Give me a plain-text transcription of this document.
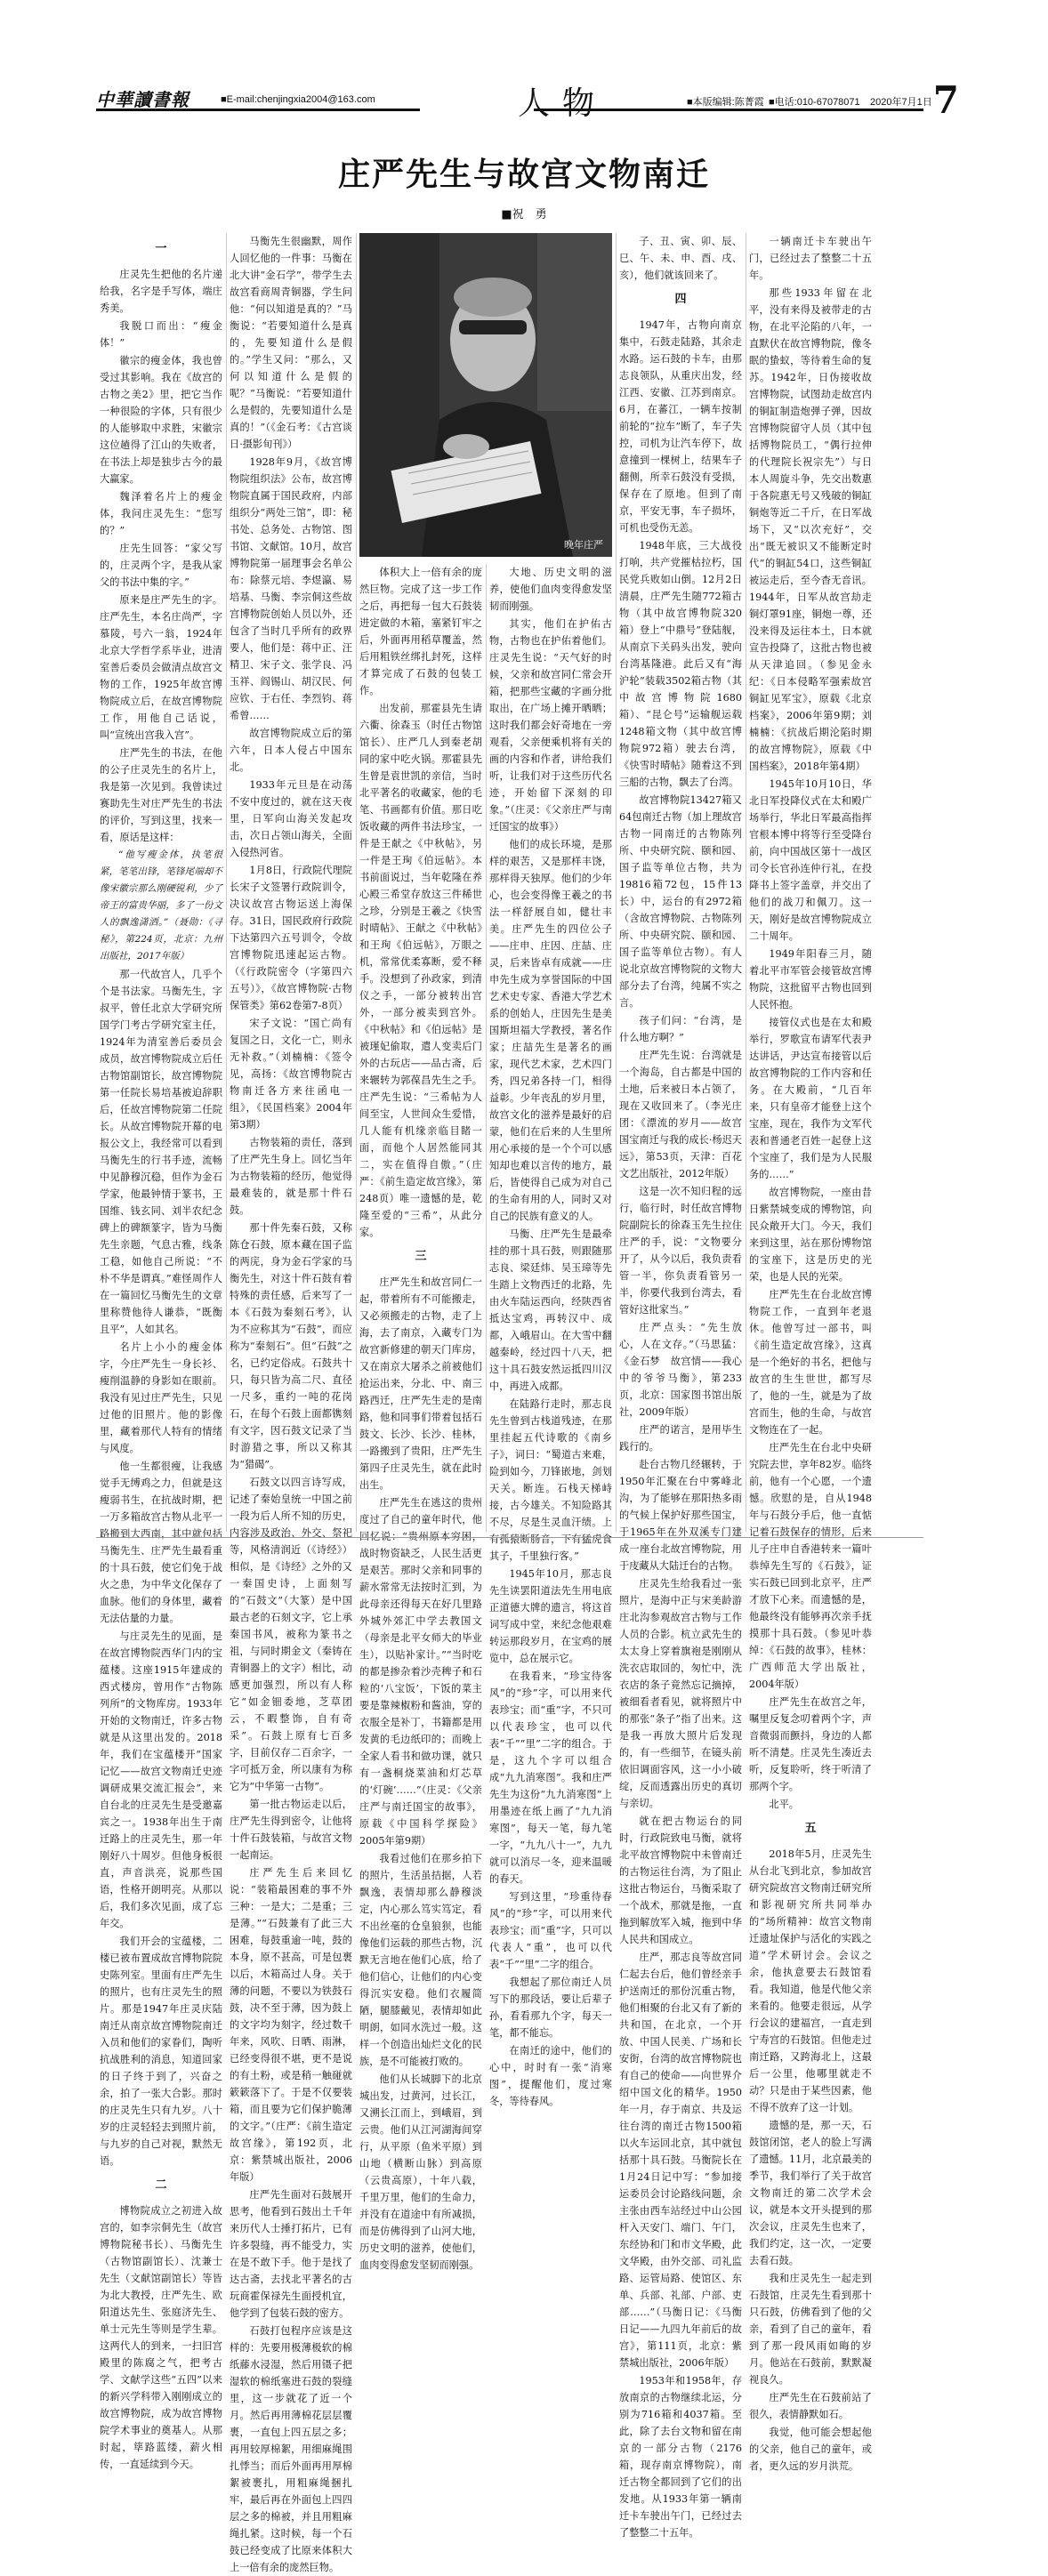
中華讀書報	■E-mail:chenjingxia2004@163.com	人物	■本版编辑:陈菁霞 ■电话:010-67078071 2020年7月1日 7
庄严先生与故宫文物南迁
■祝　勇
晚年庄严
一

庄灵先生把他的名片递给我，名字是手写体，端庄秀美。

我脱口而出：“瘦金体！”

徽宗的瘦金体，我也曾受过其影响。我在《故宫的古物之美2》里，把它当作一种很险的字体，只有很少的人能够取中求胜，宋徽宗这位趟得了江山的失败者，在书法上却是独步古今的最大赢家。

魏泽着名片上的瘦金体，我问庄灵先生：“您写的？”

庄先生回答：“家父写的，庄灵两个字，是我从家父的书法中集的字。”

原来是庄严先生的字。庄严先生，本名庄尚严，字慕陵，号六一翁，1924年北京大学哲学系毕业，进清室善后委员会做清点故宫文物的工作，1925年故宫博物院成立后，在故宫博物院工作，用他自己话说，叫“宣统出宫我入宫”。

庄严先生的书法，在他的公子庄灵先生的名片上，我是第一次见到。我曾读过赛助先生对庄严先生的书法的评价，写到这里，找来一看，原话是这样：

“他写瘦金体，执笔很紧，笔笔出锋，笔锋尾端却不像宋徽宗那么刚硬锐利，少了帝王的富贵华丽，多了一份文人的飘逸潇洒。”（聂勋：《寻秘》，第224页，北京：九州出版社，2017年版）

那一代故宫人，几乎个个是书法家。马衡先生，字叔平，曾任北京大学研究所国学门考古学研究室主任，1924年为清室善后委员会成员，故宫博物院成立后任古物馆副馆长，故宫博物院第一任院长易培基被迫辞职后，任故宫博物院第二任院长。从故宫博物院开幕的电报公文上，我经常可以看到马衡先生的行书手迹，流畅中见静穆沉稳，但作为金石学家，他最钟情于篆书，王国维、钱玄同、刘半农纪念碑上的碑额篆字，皆为马衡先生亲题，气息古雅，线条工稳，如他自己所说：“不朴不华是谓真。”难怪周作人在一篇回忆马衡先生的文章里称赞他待人谦恭，“既衡且平”，人如其名。

名片上小小的瘦金体字，今庄严先生一身长衫、瘦削温静的身影如在眼前。我没有见过庄严先生，只见过他的旧照片。他的影像里，藏着那代人特有的情绪与风度。

他一生都很瘦，让我感觉手无缚鸡之力，但就是这瘦弱书生，在抗战时期，把一万多箱故宫古物从北平一路搬到大西南，其中就包括马衡先生、庄严先生最看重的十具石鼓，使它们免于战火之患，为中华文化保存了血脉。他们的身体里，藏着无法估量的力量。

与庄灵先生的见面，是在故宫博物院西华门内的宝蕴楼。这座1915年建成的西式楼房，曾用作“古物陈列所”的文物库房。1933年开始的文物南迁，许多古物就是从这里出发的。2018年，我们在宝蕴楼开“国家记忆——故宫文物南迁史迹调研成果交流汇报会”，来自台北的庄灵先生是受邀嘉宾之一。1938年出生于南迁路上的庄灵先生，那一年刚好八十周岁。但他身板很直，声音洪亮，说那些国语，性格开朗明亮。从那以后，我们多次见面，成了忘年交。

我们开会的宝蕴楼，二楼已被布置成故宫博物院院史陈列室。里面有庄严先生的照片，也有庄灵先生的照片。那是1947年庄灵庆陆南迁从南京故宫博物院南迁入员和他们的家眷们，陶听抗战胜利的消息，知道回家的日子终于到了，兴奋之余，拍了一张大合影。那时的庄灵先生只有九岁。八十岁的庄灵轻轻去到照片前，与九岁的自己对视，默然无语。

二

博物院成立之初进入故宫的，如李宗侗先生（故宫博物院秘书长）、马衡先生（古物馆副馆长）、沈兼士先生（文献馆副馆长）等皆为北大教授，庄严先生、欧阳道达先生、张庭济先生、单士元先生等则是学生辈。这两代人的到来，一扫旧宫殿里的陈腐之气，把考古学、文献学这些“五四”以来的新兴学科带入刚刚成立的故宫博物院，成为故宫博物院学术事业的奠基人。从那时起，筚路蓝缕，薪火相传，一直延续到今天。

马衡先生很幽默，周作人回忆他的一件事：马衡在北大讲“金石学”，带学生去故宫看商周青铜器，学生问他：“何以知道是真的？”马衡说：“若要知道什么是真的，先要知道什么是假的。”学生又问：“那么，又何以知道什么是假的呢？”马衡说：“若要知道什么是假的，先要知道什么是真的！”（《金石考：《古宫谈日·摄影旬刊》）

1928年9月，《故宫博物院组织法》公布，故宫博物院直属于国民政府，内部组织分“两处三馆”，即：秘书处、总务处、古物馆、图书馆、文献馆。10月，故宫博物院第一届理事会名单公布：除蔡元培、李煜瀛、易培基、马衡、李宗侗这些故宫博物院创始人员以外，还包含了当时几乎所有的政界要人，他们是：蒋中正、汪精卫、宋子文、张学良、冯玉祥、阎锡山、胡汉民、何应钦、于右任、李烈钧、蒋希曾……

故宫博物院成立后的第六年，日本人侵占中国东北。

1933年元旦是在动荡不安中度过的，就在这天夜里，日军向山海关发起攻击，次日占领山海关，全面入侵热河省。

1月8日，行政院代理院长宋子文签署行政院训令，决议故宫古物运送上海保存。31日，国民政府行政院下达第四六五号训令，令故宫博物院迅速起运古物。（《行政院密令（字第四六五号）》，《故宫博物院·古物保管类》第62卷第7-8页）

宋子文说：“国亡尚有复国之日，文化一亡，则永无补救。”（刘楠楠：《签令见，高扬：《故宫博物院古物南迁各方来往函电一组》，《民国档案》2004年第3期）

古物装箱的责任，落到了庄严先生身上。回忆当年为古物装箱的经历，他觉得最难装的，就是那十件石鼓。

那十件先秦石鼓，又称陈仓石鼓，原本藏在国子监的两庑，身为金石学家的马衡先生，对这十件石鼓有着特殊的责任感，后来写了一本《石鼓为秦刻石考》，认为不应称其为“石鼓”，而应称为“秦刻石”。但“石鼓”之名，已约定俗成。石鼓共十只，每只皆为高二尺、直径一尺多，重约一吨的花岗石，在每个石鼓上面都镌刻有文字，因石鼓文记录了当时游猎之事，所以又称其为“猎碣”。

石鼓文以四言诗写成，记述了秦始皇统一中国之前一段为后人所不知的历史，内容涉及政治、外交、祭祀等，风格清润近（《诗经》）相似，是《诗经》之外的又一秦国史诗，上面刻写的“石鼓文”（大篆）是中国最古老的石刻文字，它上承秦国书风，被称为篆书之祖，与同时期金文（秦铸在青铜器上的文字）相比，动感更加强烈，所以有人称它“如金钿委地，芝草团云，不暇整饰，自有奇采”。石鼓上原有七百多字，目前仅存二百余字，一字可抵万金，所以康有为称它为“中华第一古物”。

第一批古物运走以后，庄严先生得到密令，让他将十件石鼓装箱，与故宫文物一起南运。

庄严先生后来回忆说：“装箱最困难的事不外三种：一是大；二是重；三是薄。”“石鼓兼有了此三大困难，每鼓重逾一吨，鼓的本身，原不甚高，可是包裹以后，木箱高过人身。关于薄的问题，不要以为铁鼓石鼓，决不至于薄，因为鼓上的文字均为刻字，经过数千年来，风吹、日晒、雨淋，已经变得很不堪，更不是说的有土粉，或是稍一触碰就簌簌落下了。于是不仅要装箱，而且要为它们保护脆薄的文字。”（庄严：《前生造定故宫缘》，第192页，北京：紫禁城出版社，2006年版）

庄严先生面对石鼓展开思考，他看到石鼓出土千年来历代人士捶打拓片，已有许多裂缝，再不能受力，实在是不敢下手。他于是找了达古斋，去找北平著名的古玩商霍保禄先生面授机宜，他学到了包装石鼓的密方。

石鼓打包程序应该是这样的：先要用极薄极软的棉纸藤水浸湿，然后用镊子把湿软的棉纸塞进石鼓的裂缝里，这一步就花了近一个月。然后再用薄棉花层层覆裹，一直包上四五层之多；再用较厚棉絮，用细麻绳围扎悸当；而后外面再用厚棉絮被裹扎，用粗麻绳捆扎牢，最后再在外面包上四四层之多的棉被，并且用粗麻绳扎紧。这时候，每一个石鼓已经变成了比原来体积大上一倍有余的庞然巨物。

体积大上一倍有余的庞然巨物。完成了这一步工作之后，再把每一包大石鼓装进定做的木箱，塞紧钉牢之后，外面再用稻草覆盖，然后用粗铁丝绑扎封死，这样才算完成了石鼓的包装工作。

出发前，那霍县先生请六衢、徐森玉（时任古物馆馆长）、庄严几人到秦老胡同的家中吃火锅。那霍县先生曾是袁世凯的亲信，当时北平著名的收藏家，他的毛笔、书画都有价值。那日吃饭收藏的两件书法珍宝，一件是王献之《中秋帖》，另一件是王珣《伯远帖》。本书前面说过，当年乾隆在养心殿三希堂存放这三件稀世之珍，分别是王羲之《快雪时晴帖》、王献之《中秋帖》和王珣《伯远帖》，万眼之机，常常优柔寡断，爱不释手。没想到了孙政家，到清仪之手，一部分被转出宫外，一部分被卖到宫外。《中秋帖》和《伯远帖》是被瑾妃偷取，遣人变卖后门外的古玩店——品古斋，后来辗转为郭葆昌先生之手。庄严先生说：“三希帖为人间至宝，人世间众生爱惜，几人能有机缘亲临目睹一面，而他个人居然能同其二，实在值得自傲。”（庄严：《前生造定故宫缘》，第248页）唯一遗憾的是，乾隆至爱的“三希”，从此分家。

三

庄严先生和故宫同仁一起，带着所有不可能搬走，又必须搬走的古物，走了上海，去了南京，入藏专门为故宫新修建的朝天门库房，又在南京大屠杀之前被他们抢运出来，分北、中、南三路西迁，庄严先生走的是南路，他和同事们带着包括石鼓文、长沙、长沙、桂林，一路搬到了贵阳，庄严先生第四子庄灵先生，就在此时出生。

庄严先生在逃这的贵州度过了自己的童年时代，他回忆说：“贵州原本穷困，战时物资缺乏，人民生活更是艰苦。那时父亲和同事的薪水常常无法按时汇到，为此母亲还得每天在好几里路外城外郊汇中学去教国文（母亲是北平女师大的毕业生），以贴补家计。”“当时吃的都是掺杂着沙壳稗子和石粒的‘八宝饭’，下饭的菜主要是靠辣椒粉和酱油，穿的衣服全是补丁，书籍都是用发黄的毛边纸印的；而晚上全家人看书和做功课，就只有一盏桐烧菜油和灯芯草的‘灯碗’……”（庄灵：《父亲庄严与南迁国宝的故事》，原载《中国科学探险》2005年第9期）

我看过他们在那乡拍下的照片，生活虽拮据，人若飘逸，表情却那么静穆淡定，内心那么笃实笃定，看不出丝毫的仓皇狼狈，也能像他们运载的那些古物，沉默无言地在他们心底，给了他们信心，让他们的内心变得沉实安稳。他们衣履简陋，腿膝戴见，表情却如此明朗，如同水洗过一般。这样一个创造出灿烂文化的民族，是不可能被打败的。

他们从长城脚下的北京城出发，过黄河，过长江，又溯长江而上，到峨眉，到云贵。他们从江河湖海间穿行，从平原（鱼米平原）到山地（横断山脉）到高原（云贵高原），十年八载，千里万里，他们的生命力，并没有在道途中有所减损，而是仿佛得到了山河大地，历史文明的滋养，使他们，血肉变得愈发坚韧而刚强。

大地、历史文明的滋养，使他们血肉变得愈发坚韧而刚强。

其实，他们在护佑古物，古物也在护佑着他们。庄灵先生说：“天气好的时候，父亲和故宫同仁常会开箱，把那些宝藏的字画分批取出，在广场上摊开晒晒；这时我们都会好奇地在一旁观看，父亲便乘机将有关的画的内容和作者，讲给我们听，让我们对于这些历代名迹，开始留下深刻的印象。”（庄灵：《父亲庄严与南迁国宝的故事》）

他们的成长环境，是那样的艰苦，又是那样丰饶，那样得天独厚。他们的少年心，也会变得像王羲之的书法一样舒展自如，健壮丰美。庄严先生的四位公子——庄申、庄因、庄喆、庄灵，后来皆卓有成就——庄申先生成为享誉国际的中国艺术史专家、香港大学艺术系的创始人，庄因先生是美国斯坦福大学教授，著名作家；庄喆先生是著名的画家，现代艺术家，艺术四门秀，四兄弟各持一门，相得益彰。少年丧乱的岁月里，故宫文化的滋养是最好的启蒙，他们在后来的人生里所用心承接的是一个个可以感知却也难以言传的地方，最后，皆使得自己成为对自己的生命有用的人，同时又对自己的民族有意义的人。

马衡、庄严先生是最牵挂的那十具石鼓，则跟随那志良、梁廷炜、吴玉璋等先生踏上文物西迁的北路，先由火车陆运西向，经陕西省抵达宝鸡，再转汉中、成都，入峨眉山。在大雪中翻越秦岭，经过四十八天，把这十具石鼓安然运抵四川汉中，再进入成都。

在陆路行走时，那志良先生曾到古栈道残迹，在那里挂起五代诗歌的《南乡子》，词曰：“蜀道古来难，险到如今，刀锋嵌地，剑划天关。断连。石栈天梯峙接，古今雄关。不知险路其不尽，尽是生灵血汗绩。上有孤猿断肠音，下有猛虎食其子，千里独行客。”

1945年10月，那志良先生读罢阳道法先生用电底正道德大牌的遗言，将这首词写成中堂，来纪念他艰难转运那段岁月，在宝鸡的展览中，总在展示它。

在我看来，“珍宝待客风”的“珍”字，可以用来代表珍宝；而“重”字，不只可以代表珍宝，也可以代表“千”“里”二字的组合。于是，这九个字可以组合成“九九消寒图”。我和庄严先生为这份“九九消寒图”上用墨迹在纸上画了“九九消寒图”，每天一笔，每九笔一字，“九九八十一”，九九就可以消尽一冬，迎来温暖的春天。

写到这里，“珍重待春风”的“珍”字，可以用来代表珍宝；而“重”字，只可以代表人“重”，也可以代表“千”“里”二字的组合。

我想起了那位南迁人员写下的那段话，要让后辈子孙，看看那九个字，每天一笔，都不能忘。

在南迁的途中，他们的心中，时时有一张“消寒图”，提醒他们，度过寒冬，等待春风。

子、丑、寅、卯、辰、巳、午、未、申、酉、戌、亥），他们就该回来了。

四

1947年，古物向南京集中，石鼓走陆路，其余走水路。运石鼓的卡车，由那志良领队，从重庆出发，经江西、安徽、江苏到南京。6月，在蕃江，一辆车按制前轮的“拉车”断了，车子失控，司机为让汽车停下，故意撞到一棵树上，结果车子翻侧，所幸石鼓没有受损，保存在了原地。但到了南京，平安无事，车子损坏，可机也受伤无恙。

1948年底，三大战役打响，共产党摧枯拉朽，国民党兵败如山倒。12月2日清晨，庄严先生随772箱古物（其中故宫博物院320箱）登上“中鼎号”登陆舰，从南京下关码头出发，驶向台湾基隆港。此后又有“海沪轮”装载3502箱古物（其中故宫博物院1680箱）、“昆仑号”运输舰运载1248箱文物（其中故宫博物院972箱）驶去台湾，《快雪时晴帖》随着这不到三船的古物，飘去了台湾。

故宫博物院13427箱又64包南迁古物（加上理故宫古物一同南迁的古物陈列所、中央研究院、颐和园、国子监等单位古物，共为19816箱72包，15件13长）中，运台的有2972箱（含故宫博物院、古物陈列所、中央研究院、颐和园、国子监等单位古物）。有人说北京故宫博物院的文物大部分去了台湾，纯属不实之言。

孩子们问：“台湾，是什么地方啊？”

庄严先生说：台湾就是一个海岛，自古都是中国的土地，后来被日本占领了，现在又收回来了。（李光庄团：《漂流的岁月——故宫国宝南迁与我的成长·杨迟天远》，第53页，天津：百花文艺出版社，2012年版）

这是一次不知归程的远行，临行时，时任故宫博物院副院长的徐森玉先生拉住庄严的手，说：“文物要分开了，从今以后，我负责看管一半，你负责看管另一半，你要代我到台湾去，看管好这批家当。”

庄严点头：“先生放心，人在文存。”（马思猛：《金石梦　故宫情——我心中的爷爷马衡》，第233页，北京：国家图书馆出版社，2009年版）

庄严的诺言，是用毕生践行的。

赴台古物几经辗转，于1950年汇聚在台中雾峰北沟，为了能够在那阳热多雨的气候上保护好那些国宝，于1965年在外双溪专门建成一座台北故宫博物院，用于庋藏从大陆迁台的古物。

庄灵先生给我看过一张照片，是海中正与宋美龄游庄北沟参观故宫古物与工作人员的合影。杭立武先生的太太身上穿着旗袍是刚刚从洗衣店取回的，匆忙中，洗衣店的条子竟然忘记摘掉，被细看者看见，就将照片中的那张“条子”指了出来。这是我一再放大照片后发现的，有一些细节，在镜头前依旧调面容风，这一小小破绽，反而透露出历史的真切与亲切。

就在把古物运台的同时，行政院致电马衡，就将北平故宫博物院中未曾南迁的古物运往台湾，为了阻止这批古物运台，马衡采取了一个战术，那就是拖，一直拖到解放军入城，拖到中华人民共和国成立。

庄严，那志良等故宫同仁起去台后，他们曾经亲手护送南迁的那份沉重古物，他们相聚的台北又有了新的共和国，在北京，一个开放、中国人民美、广场和长安街，台湾的故宫博物院也有自己的使命——向世界介绍中国文化的精华。1950年一月，存于南京、共及运往台湾的南迁古物1500箱以火车运回北京，其中就包括那十具石鼓。马衡院长在1月24日记中写：“参加接运委员会讨论路线问题，余主张由西车站经过中山公园杆入天安门、端门、午门，东经协和门和市文华殿，此文华殿，由外交部、司礼监路、运管局路、使馆区、东单、兵部、礼部、户部、吏部……”（马衡日记：《马衡日记——九四九年前后的故宫》，第111页，北京：紫禁城出版社，2006年版）

1953年和1958年，存放南京的古物继续北运，分别为716箱和4037箱。至此，除了去台文物和留在南京的一部分古物（2176箱，现存南京博物院），南迁古物全都回到了它们的出发地。从1933年第一辆南迁卡车驶出午门，已经过去了整整二十五年。

一辆南迁卡车驶出午门，已经过去了整整二十五年。

那些1933年留在北平，没有来得及被带走的古物，在北平沦陷的八年，一直默伏在故宫博物院，像冬眠的蛰蚁，等待着生命的复苏。1942年，日伪接收故宫博物院，试图劫走故宫内的铜缸制造炮弹子弹，因故宫博物院留守人员（其中包括博物院员工，“偶行拉伸的代理院长祝宗先”）与日本人周旋斗争，先交出数惠于各院惠无号又残破的铜缸铜炮等近二千斤，在日军战场下，又“以次充好”，交出“既无被识又不能断定时代”的铜缸54口，这些铜缸被运走后，至今杳无音讯。1944年，日军从故宫劫走铜灯罩91座，铜炮一尊，还没来得及运往本土，日本就宣告投降了，这批古物也被从天津追回。（参见金永纪：《日本侵略军强索故宫铜缸见军宝》，原载《北京档案》，2006年第9期；刘楠楠：《抗战后期沦陷时期的故宫博物院》，原载《中国档案》，2018年第4期）

1945年10月10日，华北日军投降仪式在太和殿广场举行，华北日军最高指挥官根本博中将等行至受降台前，向中国战区第十一战区司令长官孙连仲行礼，在投降书上签字盖章，并交出了他们的战刀和佩刀。这一天，刚好是故宫博物院成立二十周年。

1949年阳春三月，随着北平市军管会接管故宫博物院，这批留平古物也回到人民怀抱。

接管仪式也是在太和殿举行，罗歌宣布请军代表尹达讲话，尹达宣布接管以后故宫博物院的工作内容和任务。在大殿前，“几百年来，只有皇帝才能登上这个宝座，现在，我作为文军代表和普通老百姓一起登上这个宝座了，我们是为人民服务的……”

故宫博物院，一座由昔日紫禁城变成的博物馆，向民众敞开大门。今天，我们来到这里，站在那份博物馆的宝座下，这是历史的光荣，也是人民的光荣。

庄严先生在台北故宫博物院工作，一直到年老退休。他曾写过一部书，叫《前生造定故宫缘》，这真是一个绝好的书名，把他与故宫的生生世世，都写尽了，他的一生，就是为了故宫而生，他的生命，与故宫文物连在了一起。

庄严先生在台北中央研究院去世，享年82岁。临终前，他有一个心愿，一个遗憾。欣慰的是，自从1948年与石鼓分手后，他一直惦记着石鼓保存的情形，后来儿子庄申自香港转来一篇叶恭绰先生写的《石鼓》，证实石鼓已回到北京平，庄严才放下心来。而遗憾的是，他最终没有能够再次亲手抚摸那十具石鼓。（参见叶恭绰：《石鼓的故事》，桂林：广西师范大学出版社，2004年版）

庄严先生在故宫之年，嘱里反复念叨着两个字，声音微弱而颤抖，身边的人都听不清楚。庄灵先生凑近去听，反复聆听，终于听清了那两个字。

北平。

五

2018年5月，庄灵先生从台北飞到北京，参加故宫研究院故宫文物南迁研究所和影视研究所共同举办的“场所精神：故宫文物南迁遗址保护与活化的实践之道”学术研讨会。会议之余，他执意要去石鼓馆看看。我知道，他是代他父亲来看的。他要走很远，从学行会议的建福宫，一直走到宁寿宫的石鼓馆。但他走过南迁路，又跨海北上，这最后一公里，他哪里就走不动？只是由于某些因素，他不得不放弃了这一计划。

遗憾的是，那一天，石鼓馆闭馆，老人的脸上写满了遗憾。11月，北京最美的季节，我们举行了关于故宫文物南迁的第二次学术会议，就是本文开头提到的那次会议，庄灵先生也来了，我们约定，这一次，一定要去看石鼓。

我和庄灵先生一起走到石鼓馆，庄灵先生看到那十只石鼓，仿佛看到了他的父亲，看到了自己的童年，看到了那一段风雨如晦的岁月。他站在石鼓前，默默凝视良久。

庄严先生在石鼓前站了很久，表情静默如石。

我觉，他可能会想起他的父亲，他自己的童年，或者，更久远的岁月洪荒。
